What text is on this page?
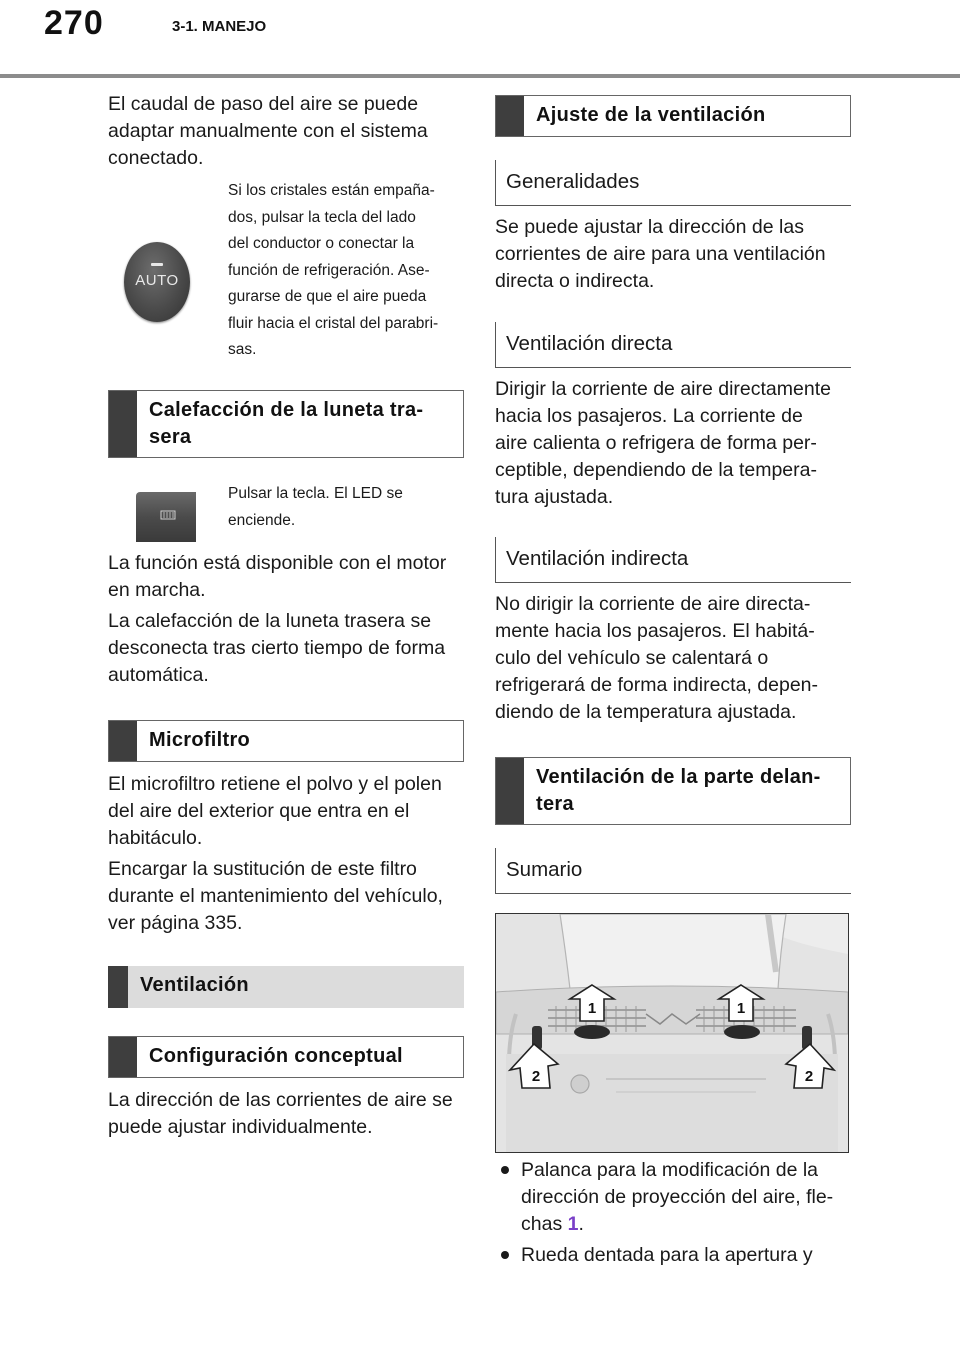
270	3-1. MANEJO

El caudal de paso del aire se puede

adaptar manualmente con el sistema

conectado.

AUTO

Si los cristales están empaña-

dos, pulsar la tecla del lado

del conductor o conectar la

función de refrigeración. Ase-

gurarse de que el aire pueda

fluir hacia el cristal del parabri-

sas.

Calefacción de la luneta tra-
sera

Pulsar la tecla. El LED se

enciende.

La función está disponible con el motor

en marcha.

La calefacción de la luneta trasera se

desconecta tras cierto tiempo de forma

automática.

Microfiltro

El microfiltro retiene el polvo y el polen

del aire del exterior que entra en el

habitáculo.

Encargar la sustitución de este filtro

durante el mantenimiento del vehículo,

ver página 335.

Ventilación
Configuración conceptual

La dirección de las corrientes de aire se

puede ajustar individualmente.

Ajuste de la ventilación
Generalidades

Se puede ajustar la dirección de las

corrientes de aire para una ventilación

directa o indirecta.

Ventilación directa

Dirigir la corriente de aire directamente

hacia los pasajeros. La corriente de

aire calienta o refrigera de forma per-

ceptible, dependiendo de la tempera-

tura ajustada.

Ventilación indirecta

No dirigir la corriente de aire directa-

mente hacia los pasajeros. El habitá-

culo del vehículo se calentará o

refrigerará de forma indirecta, depen-

diendo de la temperatura ajustada.

Ventilación de la parte delan-
tera
Sumario
1	1
2	2

Palanca para la modificación de la

dirección de proyección del aire, fle-

chas 1.

Rueda dentada para la apertura y
